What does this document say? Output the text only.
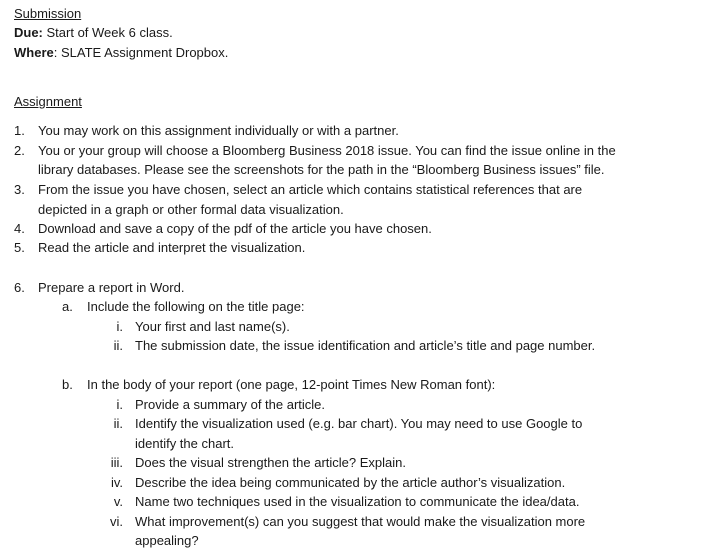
Submission
Due: Start of Week 6 class.
Where: SLATE Assignment Dropbox.
Assignment
1. You may work on this assignment individually or with a partner.
2. You or your group will choose a Bloomberg Business 2018 issue. You can find the issue online in the
library databases. Please see the screenshots for the path in the “Bloomberg Business issues” file.
3. From the issue you have chosen, select an article which contains statistical references that are
depicted in a graph or other formal data visualization.
4. Download and save a copy of the pdf of the article you have chosen.
5. Read the article and interpret the visualization.
6. Prepare a report in Word.
a. Include the following on the title page:
i. Your first and last name(s).
ii. The submission date, the issue identification and article’s title and page number.
b. In the body of your report (one page, 12-point Times New Roman font):
i. Provide a summary of the article.
ii. Identify the visualization used (e.g. bar chart). You may need to use Google to
identify the chart.
iii. Does the visual strengthen the article? Explain.
iv. Describe the idea being communicated by the article author’s visualization.
v. Name two techniques used in the visualization to communicate the idea/data.
vi. What improvement(s) can you suggest that would make the visualization more
appealing?
